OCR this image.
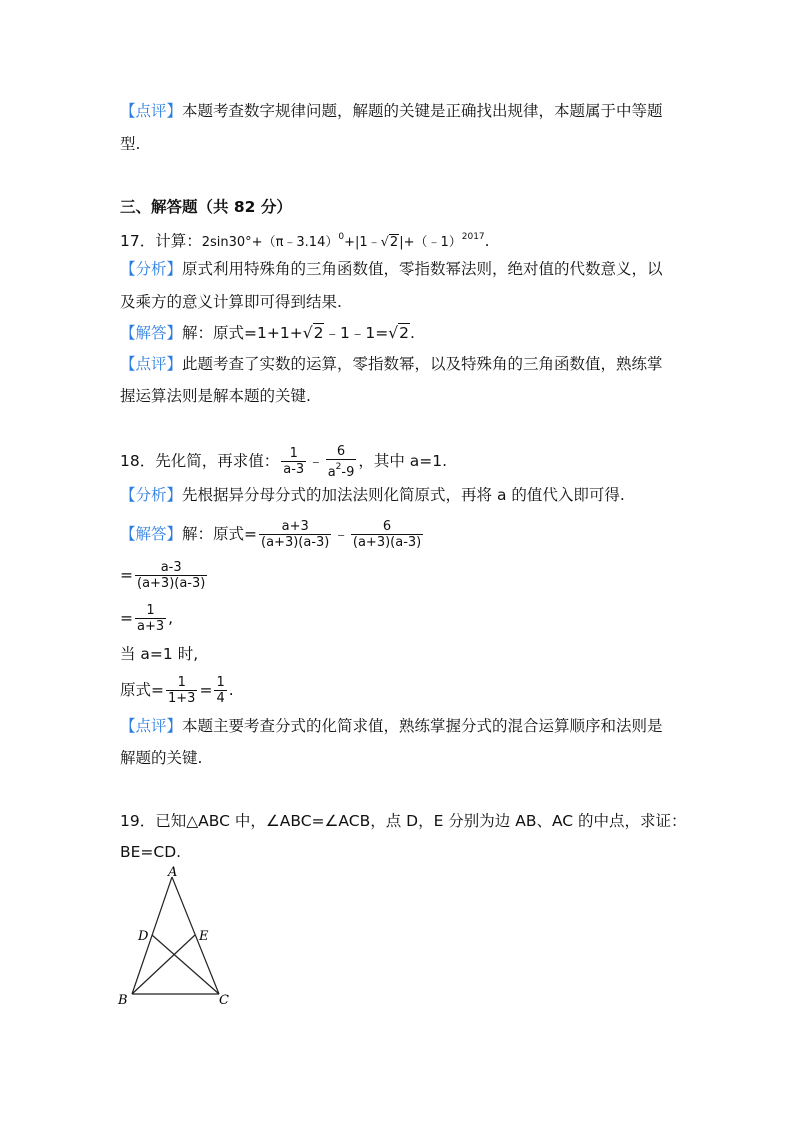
【点评】本题考查数字规律问题，解题的关键是正确找出规律，本题属于中等题
型.
三、解答题（共 82 分）
17．计算：2sin30°+（π﹣3.14）$^0$+|1﹣√2|+（﹣1）$^{2017}$.
【分析】原式利用特殊角的三角函数值，零指数幂法则，绝对值的代数意义，以
及乘方的意义计算即可得到结果.
【解答】解：原式=1+1+√2﹣1﹣1=√2.
【点评】此题考查了实数的运算，零指数幂，以及特殊角的三角函数值，熟练掌
握运算法则是解本题的关键.
18．先化简，再求值： $\frac{1}{a-3}$ ﹣ $\frac{6}{a^2-9}$ ，其中 a=1.
【分析】先根据异分母分式的加法法则化简原式，再将 a 的值代入即可得.
【解答】解：原式= $\frac{a+3}{(a+3)(a-3)}$ ﹣ $\frac{6}{(a+3)(a-3)}$
= $\frac{a-3}{(a+3)(a-3)}$
= $\frac{1}{a+3}$ ,
当 a=1 时,
原式= $\frac{1}{1+3} = \frac{1}{4}$ .
【点评】本题主要考查分式的化简求值，熟练掌握分式的混合运算顺序和法则是
解题的关键.
19．已知△ABC 中，∠ABC=∠ACB，点 D，E 分别为边 AB、AC 的中点，求证：
BE=CD.
A
D	E
B	C
